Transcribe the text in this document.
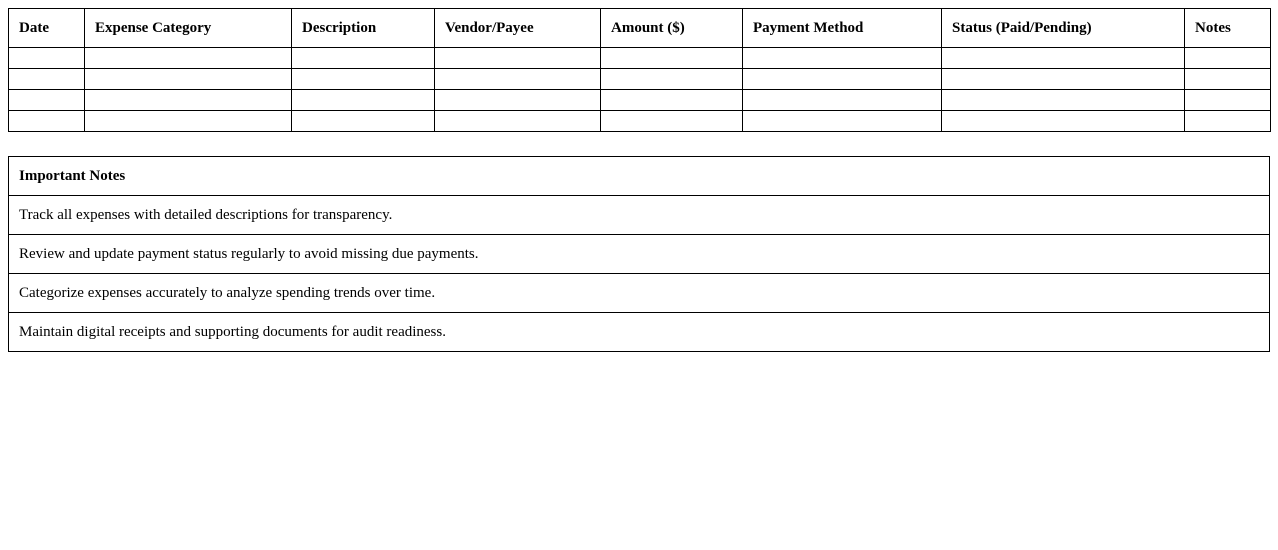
Date	Expense Category	Description	Vendor/Payee	Amount ($)	Payment Method	Status (Paid/Pending)	Notes

Important Notes
Track all expenses with detailed descriptions for transparency.
Review and update payment status regularly to avoid missing due payments.
Categorize expenses accurately to analyze spending trends over time.
Maintain digital receipts and supporting documents for audit readiness.
